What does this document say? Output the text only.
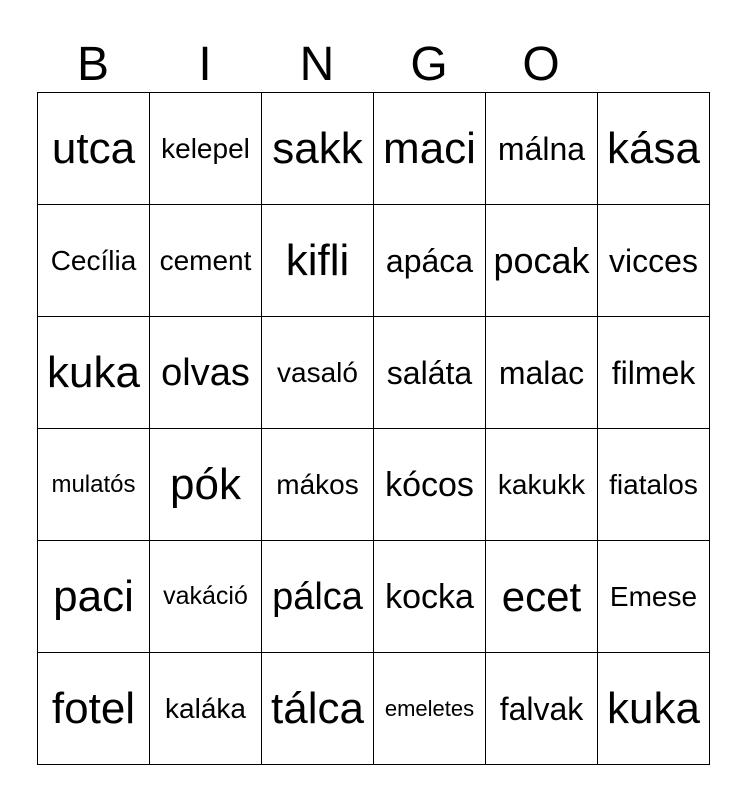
B	I	N	G	O
utca	kelepel	sakk	maci	málna	kása
Cecília	cement	kifli	apáca	pocak	vicces
kuka	olvas	vasaló	saláta	malac	filmek
mulatós	pók	mákos	kócos	kakukk	fiatalos
paci	vakáció	pálca	kocka	ecet	Emese
fotel	kaláka	tálca	emeletes	falvak	kuka
